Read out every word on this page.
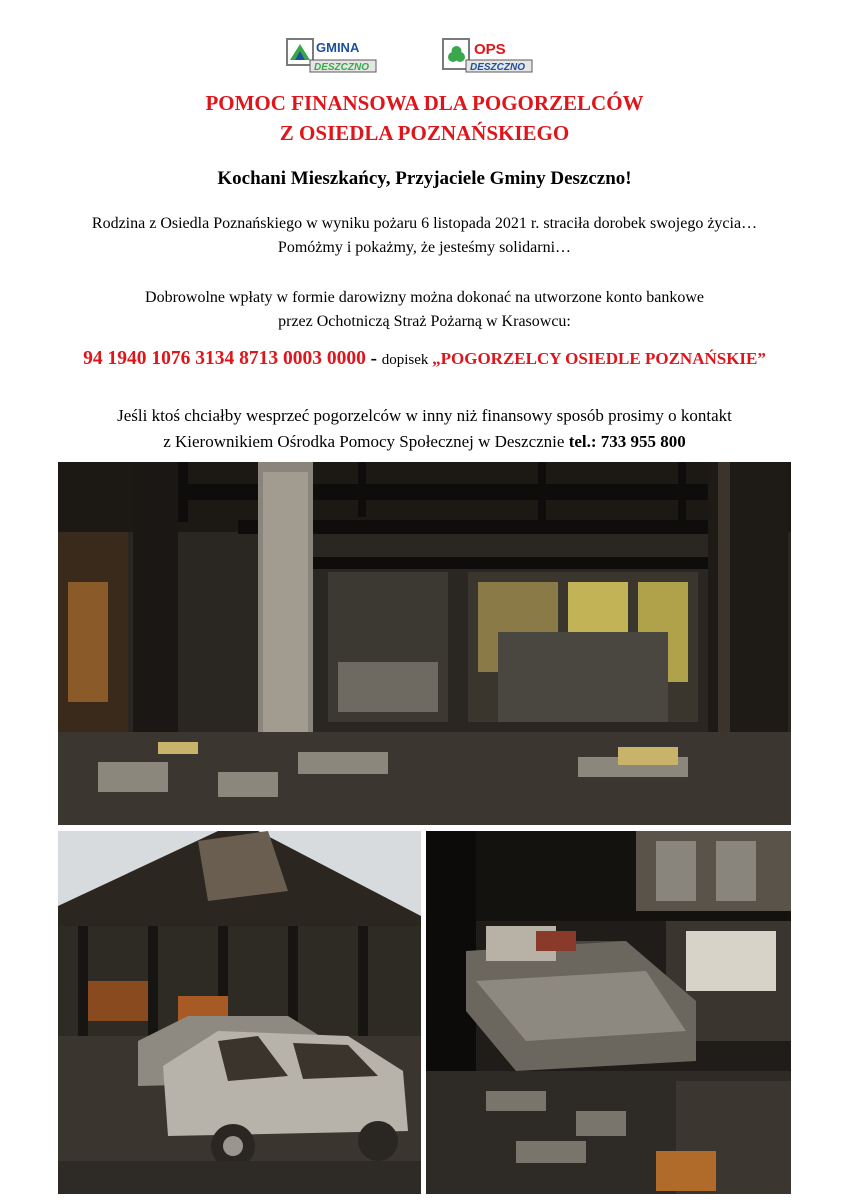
GMINA
DESZCZNO
OPS
DESZCZNO
POMOC FINANSOWA DLA POGORZELCÓW
Z OSIEDLA POZNAŃSKIEGO
Kochani Mieszkańcy, Przyjaciele Gminy Deszczno!
Rodzina z Osiedla Poznańskiego w wyniku pożaru 6 listopada 2021 r. straciła dorobek swojego życia…
Pomóżmy i pokażmy, że jesteśmy solidarni…
Dobrowolne wpłaty w formie darowizny można dokonać na utworzone konto bankowe
przez Ochotniczą Straż Pożarną w Krasowcu:
94 1940 1076 3134 8713 0003 0000 - dopisek „POGORZELCY OSIEDLE POZNAŃSKIE”
Jeśli ktoś chciałby wesprzeć pogorzelców w inny niż finansowy sposób prosimy o kontakt
z Kierownikiem Ośrodka Pomocy Społecznej w Deszcznie tel.: 733 955 800
